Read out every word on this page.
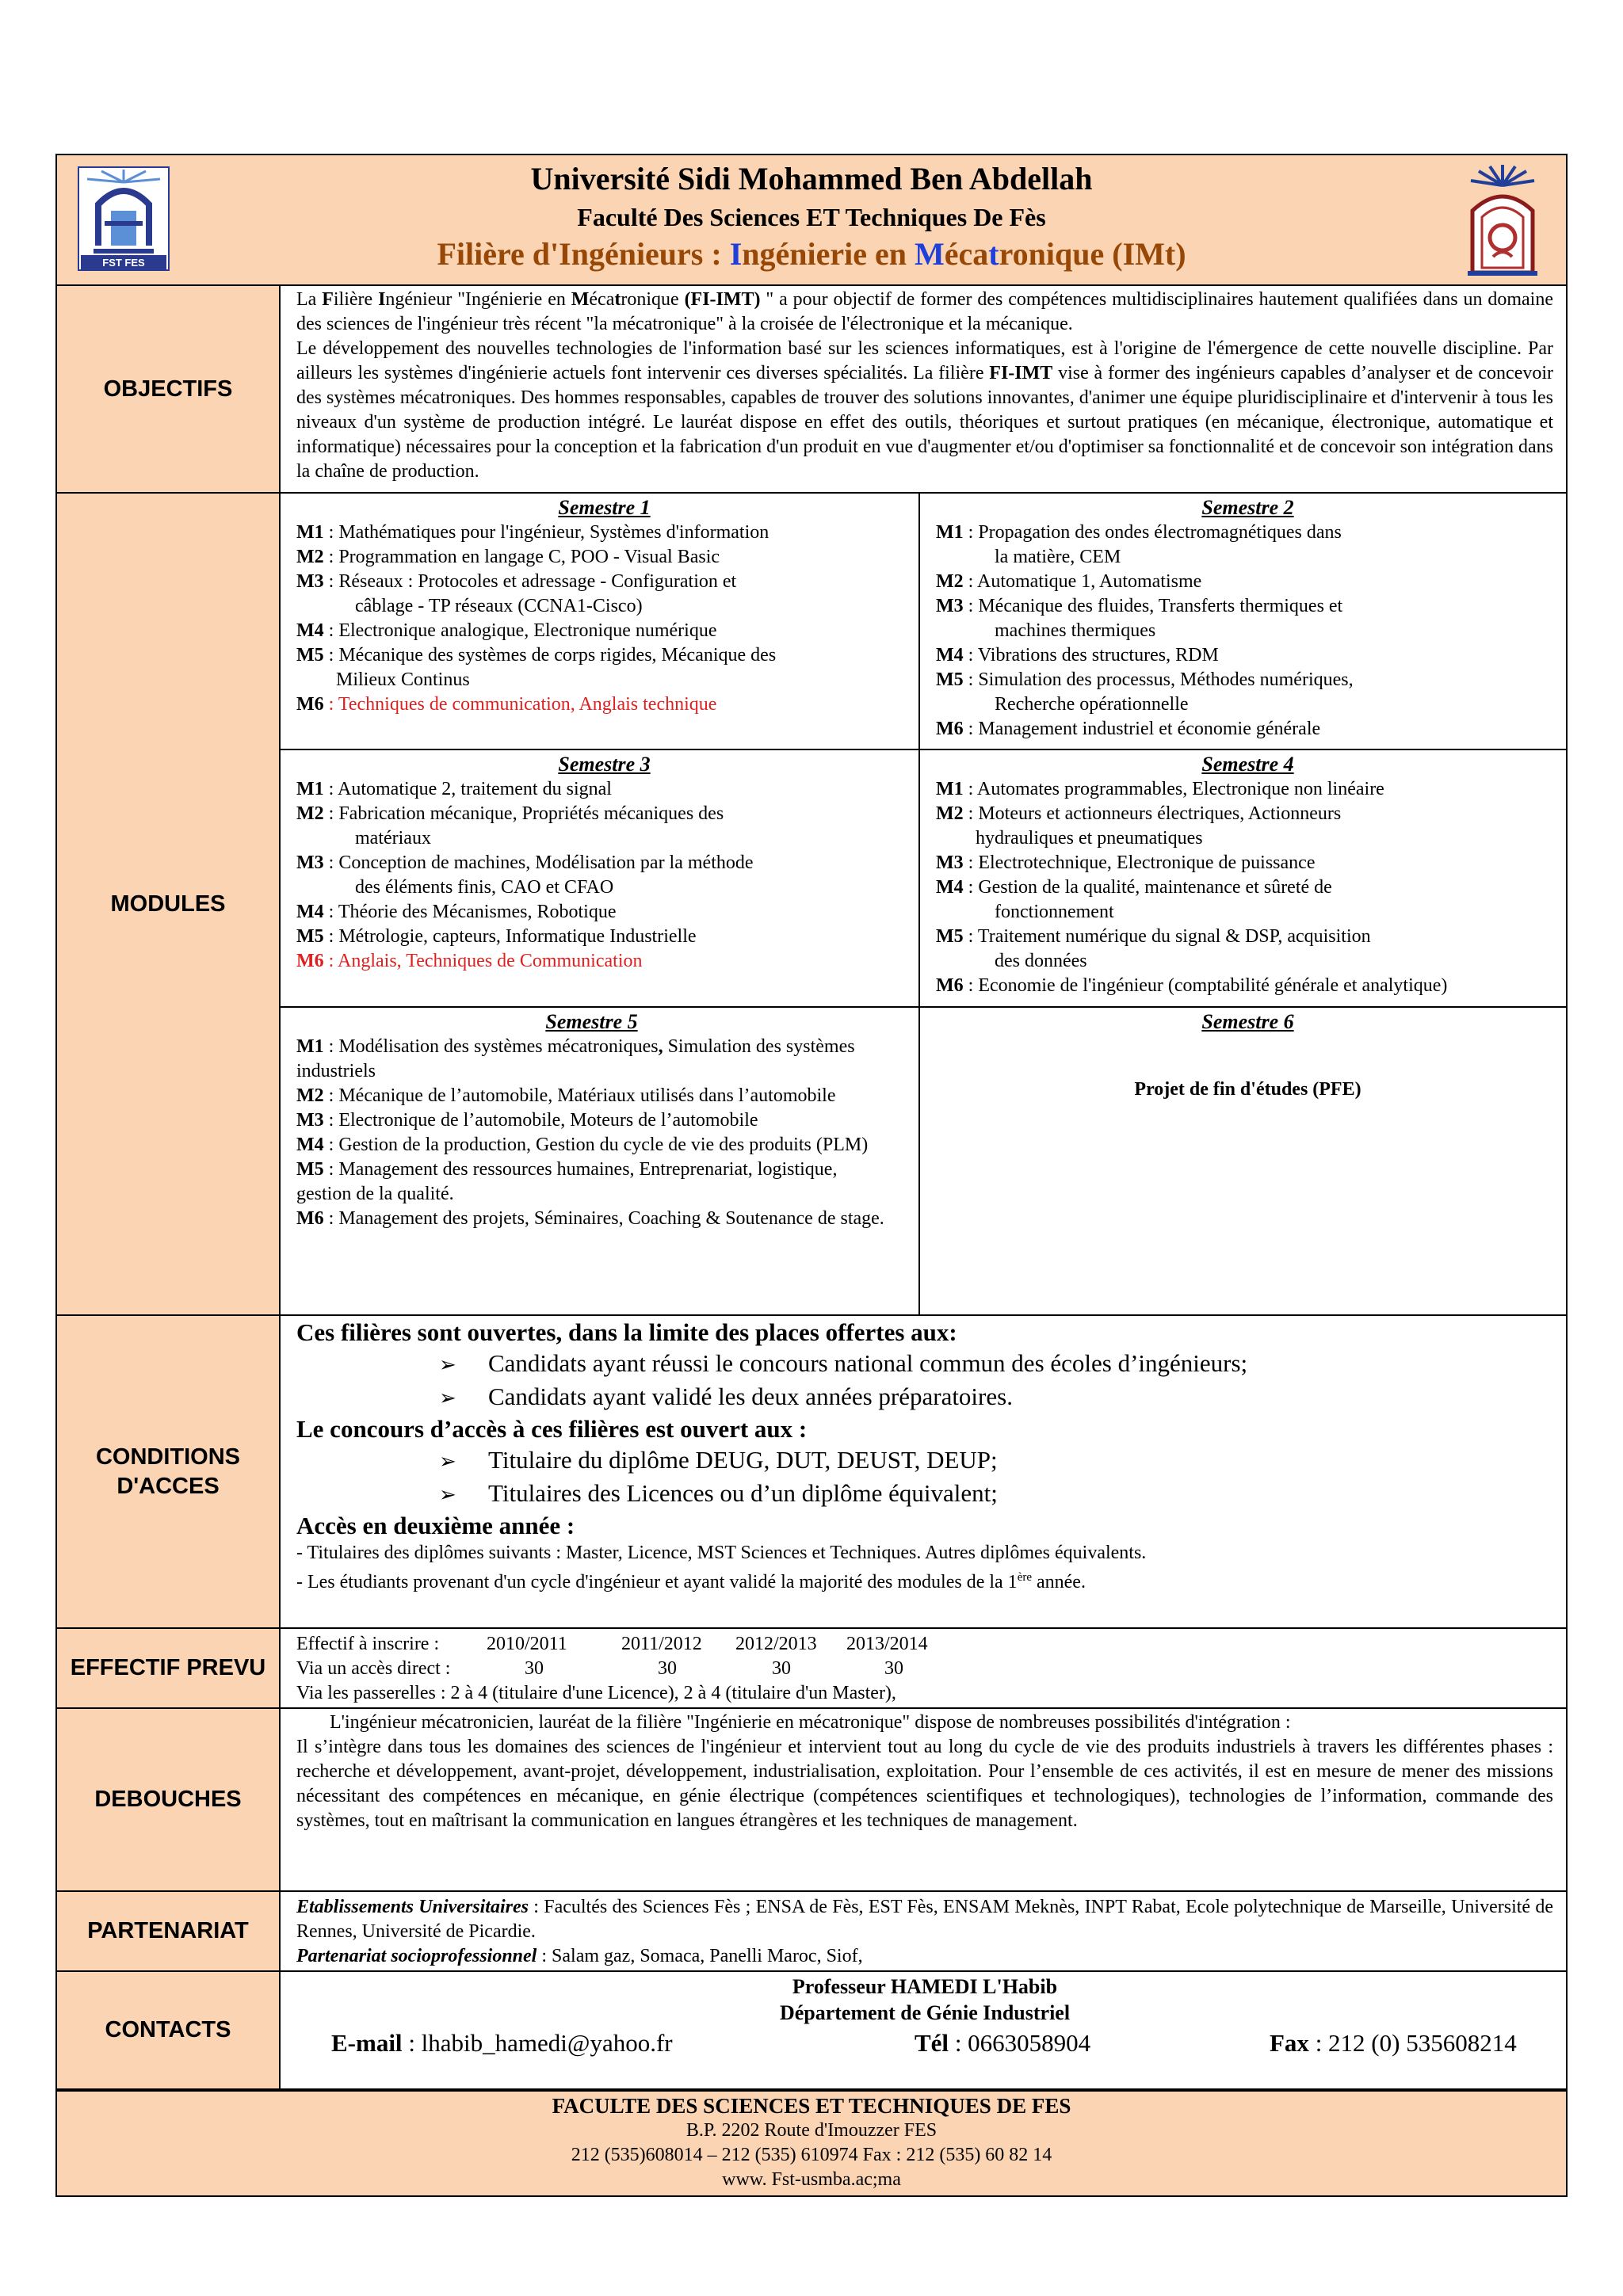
FST FES
Université Sidi Mohammed Ben Abdellah
Faculté Des Sciences ET Techniques De Fès
Filière d'Ingénieurs : Ingénierie en Mécatronique (IMt)
OBJECTIFS
La Filière Ingénieur "Ingénierie en Mécatronique (FI-IMT) " a pour objectif de former des compétences multidisciplinaires hautement qualifiées dans un domaine des sciences de l'ingénieur très récent "la mécatronique" à la croisée de l'électronique et la mécanique.
Le développement des nouvelles technologies de l'information basé sur les sciences informatiques, est à l'origine de l'émergence de cette nouvelle discipline. Par ailleurs les systèmes d'ingénierie actuels font intervenir ces diverses spécialités. La filière FI-IMT vise à former des ingénieurs capables d’analyser et de concevoir des systèmes mécatroniques. Des hommes responsables, capables de trouver des solutions innovantes, d'animer une équipe pluridisciplinaire et d'intervenir à tous les niveaux d'un système de production intégré. Le lauréat dispose en effet des outils, théoriques et surtout pratiques (en mécanique, électronique, automatique et informatique) nécessaires pour la conception et la fabrication d'un produit en vue d'augmenter et/ou d'optimiser sa fonctionnalité et de concevoir son intégration dans la chaîne de production.
MODULES
Semestre 1
M1 : Mathématiques pour l'ingénieur, Systèmes d'information
M2 : Programmation en langage C, POO - Visual Basic
M3 : Réseaux : Protocoles et adressage - Configuration et
câblage - TP réseaux (CCNA1-Cisco)
M4 : Electronique analogique, Electronique numérique
M5 : Mécanique des systèmes de corps rigides, Mécanique des
Milieux Continus
M6 : Techniques de communication, Anglais technique
Semestre 2
M1 : Propagation des ondes électromagnétiques dans
la matière, CEM
M2 : Automatique 1, Automatisme
M3 : Mécanique des fluides, Transferts thermiques et
machines thermiques
M4 : Vibrations des structures, RDM
M5 : Simulation des processus, Méthodes numériques,
Recherche opérationnelle
M6 : Management industriel et économie générale
Semestre 3
M1 : Automatique 2, traitement du signal
M2 : Fabrication mécanique, Propriétés mécaniques des
matériaux
M3 : Conception de machines, Modélisation par la méthode
des éléments finis, CAO et CFAO
M4 : Théorie des Mécanismes, Robotique
M5 : Métrologie, capteurs, Informatique Industrielle
M6 : Anglais, Techniques de Communication
Semestre 4
M1 : Automates programmables, Electronique non linéaire
M2 : Moteurs et actionneurs électriques, Actionneurs
hydrauliques et pneumatiques
M3 : Electrotechnique, Electronique de puissance
M4 : Gestion de la qualité, maintenance et sûreté de
fonctionnement
M5 : Traitement numérique du signal & DSP, acquisition
des données
M6 : Economie de l'ingénieur (comptabilité générale et analytique)
Semestre 5
M1 : Modélisation des systèmes mécatroniques, Simulation des systèmes industriels
M2 : Mécanique de l’automobile, Matériaux utilisés dans l’automobile
M3 : Electronique de l’automobile, Moteurs de l’automobile
M4 : Gestion de la production, Gestion du cycle de vie des produits (PLM)
M5 : Management des ressources humaines, Entreprenariat, logistique, gestion de la qualité.
M6 : Management des projets, Séminaires, Coaching & Soutenance de stage.
Semestre 6
Projet de fin d'études (PFE)
CONDITIONS D'ACCES
Ces filières sont ouvertes, dans la limite des places offertes aux:
➢ Candidats ayant réussi le concours national commun des écoles d’ingénieurs;
➢ Candidats ayant validé les deux années préparatoires.
Le concours d’accès à ces filières est ouvert aux :
➢ Titulaire du diplôme DEUG, DUT, DEUST, DEUP;
➢ Titulaires des Licences ou d’un diplôme équivalent;
Accès en deuxième année :
- Titulaires des diplômes suivants : Master, Licence, MST Sciences et Techniques. Autres diplômes équivalents.
- Les étudiants provenant d'un cycle d'ingénieur et ayant validé la majorité des modules de la 1ère année.
EFFECTIF PREVU
Effectif à inscrire : 2010/2011	2011/2012 2012/2013 2013/2014
Via un accès direct :	30	30	30	30
Via les passerelles : 2 à 4 (titulaire d'une Licence), 2 à 4 (titulaire d'un Master),
DEBOUCHES
L'ingénieur mécatronicien, lauréat de la filière "Ingénierie en mécatronique" dispose de nombreuses possibilités d'intégration :
Il s’intègre dans tous les domaines des sciences de l'ingénieur et intervient tout au long du cycle de vie des produits industriels à travers les différentes phases : recherche et développement, avant-projet, développement, industrialisation, exploitation. Pour l’ensemble de ces activités, il est en mesure de mener des missions nécessitant des compétences en mécanique, en génie électrique (compétences scientifiques et technologiques), technologies de l’information, commande des systèmes, tout en maîtrisant la communication en langues étrangères et les techniques de management.
PARTENARIAT
Etablissements Universitaires : Facultés des Sciences Fès ; ENSA de Fès, EST Fès, ENSAM Meknès, INPT Rabat, Ecole polytechnique de Marseille, Université de Rennes, Université de Picardie.
Partenariat socioprofessionnel : Salam gaz, Somaca, Panelli Maroc, Siof,
CONTACTS
Professeur HAMEDI L'Habib
Département de Génie Industriel
E-mail : lhabib_hamedi@yahoo.fr	Tél : 0663058904	Fax : 212 (0) 535608214
FACULTE DES SCIENCES ET TECHNIQUES DE FES
B.P. 2202 Route d'Imouzzer FES
212 (535)608014 – 212 (535) 610974 Fax : 212 (535) 60 82 14
www. Fst-usmba.ac;ma
